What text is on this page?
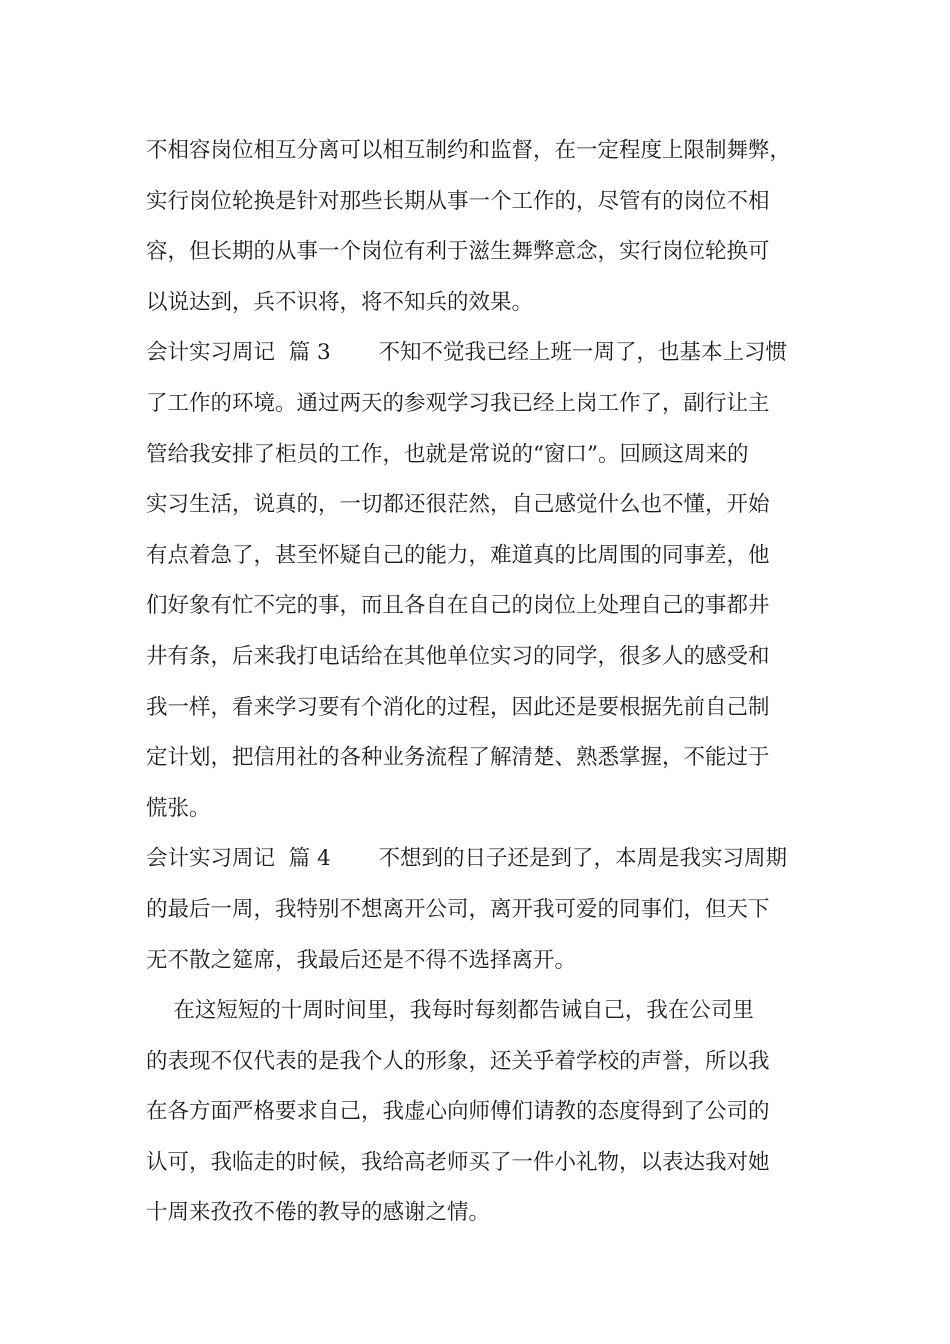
不相容岗位相互分离可以相互制约和监督，在一定程度上限制舞弊，
实行岗位轮换是针对那些长期从事一个工作的，尽管有的岗位不相
容，但长期的从事一个岗位有利于滋生舞弊意念，实行岗位轮换可
以说达到，兵不识将，将不知兵的效果。
会计实习周记  篇 3       不知不觉我已经上班一周了，也基本上习惯
了工作的环境。通过两天的参观学习我已经上岗工作了，副行让主
管给我安排了柜员的工作，也就是常说的“窗口”。回顾这周来的
实习生活，说真的，一切都还很茫然，自己感觉什么也不懂，开始
有点着急了，甚至怀疑自己的能力，难道真的比周围的同事差，他
们好象有忙不完的事，而且各自在自己的岗位上处理自己的事都井
井有条，后来我打电话给在其他单位实习的同学，很多人的感受和
我一样，看来学习要有个消化的过程，因此还是要根据先前自己制
定计划，把信用社的各种业务流程了解清楚、熟悉掌握，不能过于
慌张。
会计实习周记  篇 4       不想到的日子还是到了，本周是我实习周期
的最后一周，我特别不想离开公司，离开我可爱的同事们，但天下
无不散之筵席，我最后还是不得不选择离开。
在这短短的十周时间里，我每时每刻都告诫自己，我在公司里
的表现不仅代表的是我个人的形象，还关乎着学校的声誉，所以我
在各方面严格要求自己，我虚心向师傅们请教的态度得到了公司的
认可，我临走的时候，我给高老师买了一件小礼物，以表达我对她
十周来孜孜不倦的教导的感谢之情。
